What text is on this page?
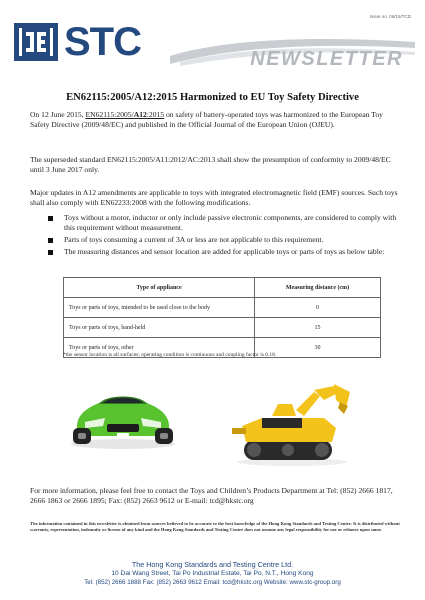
Issue no. 06/15/TCD
STC	NEWSLETTER
EN62115:2005/A12:2015 Harmonized to EU Toy Safety Directive
On 12 June 2015, EN62115:2005/A12:2015 on safety of battery-operated toys was harmonized to the European Toy Safety Directive (2009/48/EC) and published in the Official Journal of the European Union (OJEU).
The superseded standard EN62115:2005/A11:2012/AC:2013 shall show the presumption of conformity to 2009/48/EC until 3 June 2017 only.
Major updates in A12 amendments are applicable to toys with integrated electromagnetic field (EMF) sources. Such toys shall also comply with EN62233:2008 with the following modifications.
Toys without a motor, inductor or only include passive electronic components, are considered to comply with this requirement without measurement.
Parts of toys consuming a current of 3A or less are not applicable to this requirement.
The measuring distances and sensor location are added for applicable toys or parts of toys as below table:
Type of appliance	Measuring distance (cm)
Toys or parts of toys, intended to be used close to the body	0
Toys or parts of toys, hand-held	15
Toys or parts of toys, other	30
*the sensor location is all surfaces; operating condition is continuous and coupling factor is 0.18.
For more information, please feel free to contact the Toys and Children’s Products Department at Tel: (852) 2666 1817, 2666 1863 or 2666 1895; Fax: (852) 2663 9612 or E-mail: tcd@hkstc.org
The information contained in this newsletter is obtained from sources believed to be accurate to the best knowledge of the Hong Kong Standards and Testing Centre. It is distributed without warranty, representation, indemnity or license of any kind and the Hong Kong Standards and Testing Centre does not assume any legal responsibility for use or reliance upon same.
The Hong Kong Standards and Testing Centre Ltd.
10 Dai Wang Street, Tai Po Industrial Estate, Tai Po, N.T., Hong Kong
Tel: (852) 2666 1888 Fax: (852) 2663 9612 Email: tcd@hkstc.org Website: www.stc-group.org
